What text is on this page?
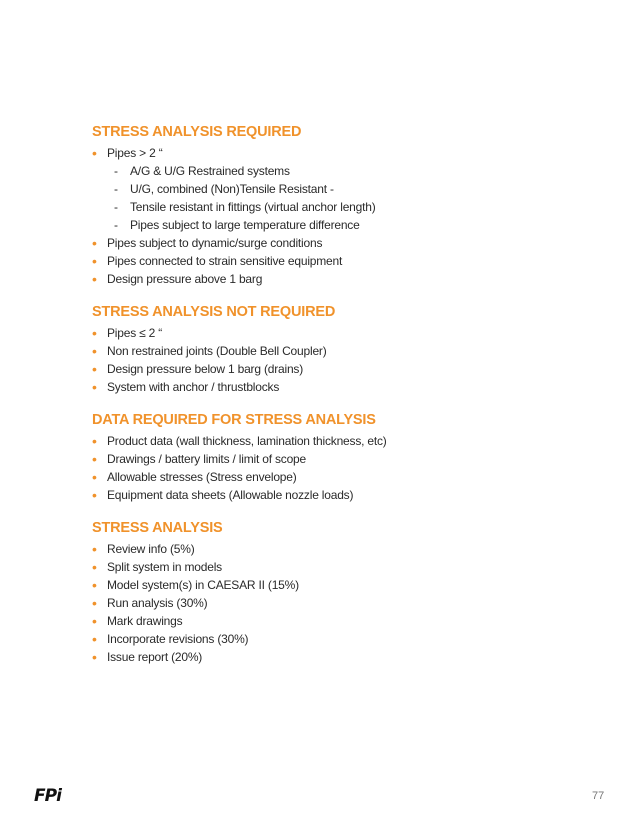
STRESS ANALYSIS REQUIRED
• Pipes > 2 “
- A/G & U/G Restrained systems
- U/G, combined (Non)Tensile Resistant -
- Tensile resistant in fittings (virtual anchor length)
- Pipes subject to large temperature difference
• Pipes subject to dynamic/surge conditions
• Pipes connected to strain sensitive equipment
• Design pressure above 1 barg
STRESS ANALYSIS NOT REQUIRED
• Pipes ≤ 2 “
• Non restrained joints (Double Bell Coupler)
• Design pressure below 1 barg (drains)
• System with anchor / thrustblocks
DATA REQUIRED FOR STRESS ANALYSIS
• Product data (wall thickness, lamination thickness, etc)
• Drawings / battery limits / limit of scope
• Allowable stresses (Stress envelope)
• Equipment data sheets (Allowable nozzle loads)
STRESS ANALYSIS
• Review info (5%)
• Split system in models
• Model system(s) in CAESAR II (15%)
• Run analysis (30%)
• Mark drawings
• Incorporate revisions (30%)
• Issue report (20%)
FPi	77
